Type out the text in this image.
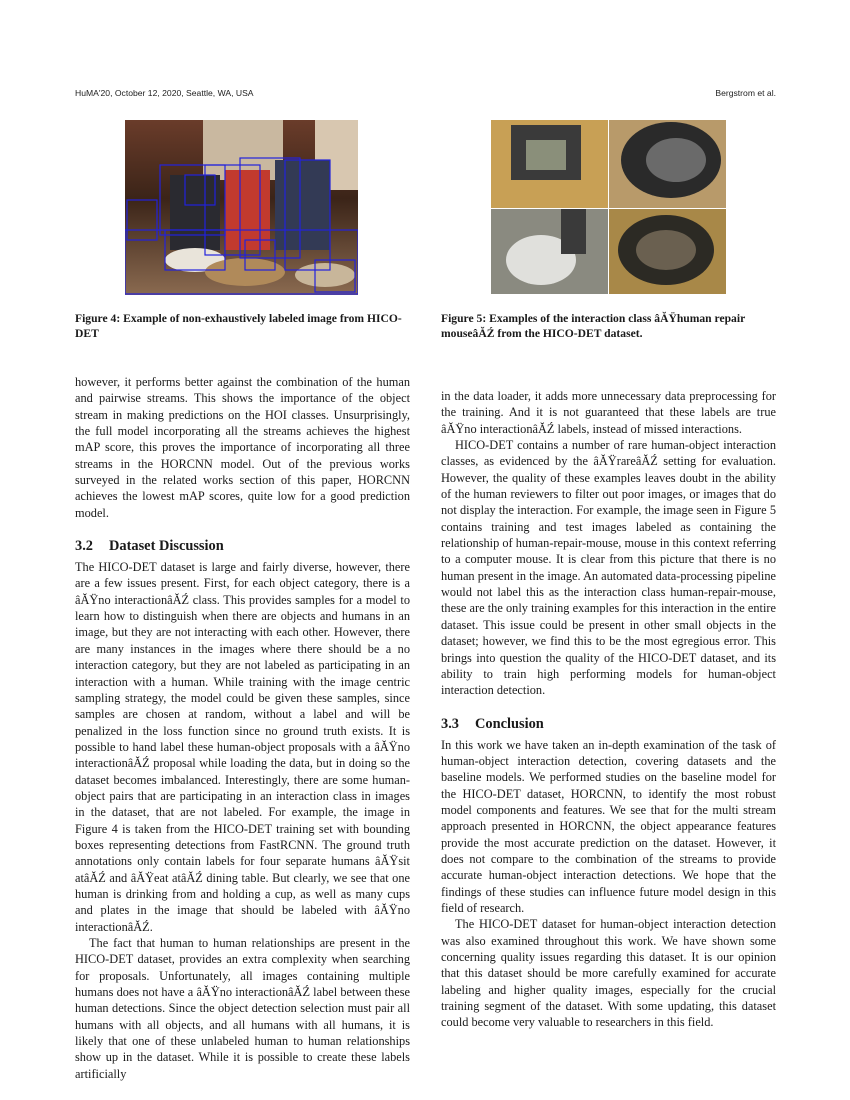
HuMA'20, October 12, 2020, Seattle, WA, USA	Bergstrom et al.
Figure 4: Example of non-exhaustively labeled image from HICO-DET
Figure 5: Examples of the interaction class âĂŸhuman repair mouseâĂŹ from the HICO-DET dataset.

however, it performs better against the combination of the human and pairwise streams. This shows the importance of the object stream in making predictions on the HOI classes. Unsurprisingly, the full model incorporating all the streams achieves the highest mAP score, this proves the importance of incorporating all three streams in the HORCNN model. Out of the previous works surveyed in the related works section of this paper, HORCNN achieves the lowest mAP scores, quite low for a good prediction model.

3.2 Dataset Discussion

The HICO-DET dataset is large and fairly diverse, however, there are a few issues present. First, for each object category, there is a âĂŸno interactionâĂŹ class. This provides samples for a model to learn how to distinguish when there are objects and humans in an image, but they are not interacting with each other. However, there are many instances in the images where there should be a no interaction category, but they are not labeled as participating in an interaction with a human. While training with the image centric sampling strategy, the model could be given these samples, since samples are chosen at random, without a label and will be penalized in the loss function since no ground truth exists. It is possible to hand label these human-object proposals with a âĂŸno interactionâĂŹ proposal while loading the data, but in doing so the dataset becomes imbalanced. Interestingly, there are some human-object pairs that are participating in an interaction class in images in the dataset, that are not labeled. For example, the image in Figure 4 is taken from the HICO-DET training set with bounding boxes representing detections from FastRCNN. The ground truth annotations only contain labels for four separate humans âĂŸsit atâĂŹ and âĂŸeat atâĂŹ dining table. But clearly, we see that one human is drinking from and holding a cup, as well as many cups and plates in the image that should be labeled with âĂŸno interactionâĂŹ.

The fact that human to human relationships are present in the HICO-DET dataset, provides an extra complexity when searching for proposals. Unfortunately, all images containing multiple humans does not have a âĂŸno interactionâĂŹ label between these human detections. Since the object detection selection must pair all humans with all objects, and all humans with all humans, it is likely that one of these unlabeled human to human relationships show up in the dataset. While it is possible to create these labels artificially

in the data loader, it adds more unnecessary data preprocessing for the training. And it is not guaranteed that these labels are true âĂŸno interactionâĂŹ labels, instead of missed interactions.

HICO-DET contains a number of rare human-object interaction classes, as evidenced by the âĂŸrareâĂŹ setting for evaluation. However, the quality of these examples leaves doubt in the ability of the human reviewers to filter out poor images, or images that do not display the interaction. For example, the image seen in Figure 5 contains training and test images labeled as containing the relationship of human-repair-mouse, mouse in this context referring to a computer mouse. It is clear from this picture that there is no human present in the image. An automated data-processing pipeline would not label this as the interaction class human-repair-mouse, these are the only training examples for this interaction in the entire dataset. This issue could be present in other small objects in the dataset; however, we find this to be the most egregious error. This brings into question the quality of the HICO-DET dataset, and its ability to train high performing models for human-object interaction detection.

3.3 Conclusion

In this work we have taken an in-depth examination of the task of human-object interaction detection, covering datasets and the baseline models. We performed studies on the baseline model for the HICO-DET dataset, HORCNN, to identify the most robust model components and features. We see that for the multi stream approach presented in HORCNN, the object appearance features provide the most accurate prediction on the dataset. However, it does not compare to the combination of the streams to provide accurate human-object interaction detections. We hope that the findings of these studies can influence future model design in this field of research.

The HICO-DET dataset for human-object interaction detection was also examined throughout this work. We have shown some concerning quality issues regarding this dataset. It is our opinion that this dataset should be more carefully examined for accurate labeling and higher quality images, especially for the crucial training segment of the dataset. With some updating, this dataset could become very valuable to researchers in this field.
